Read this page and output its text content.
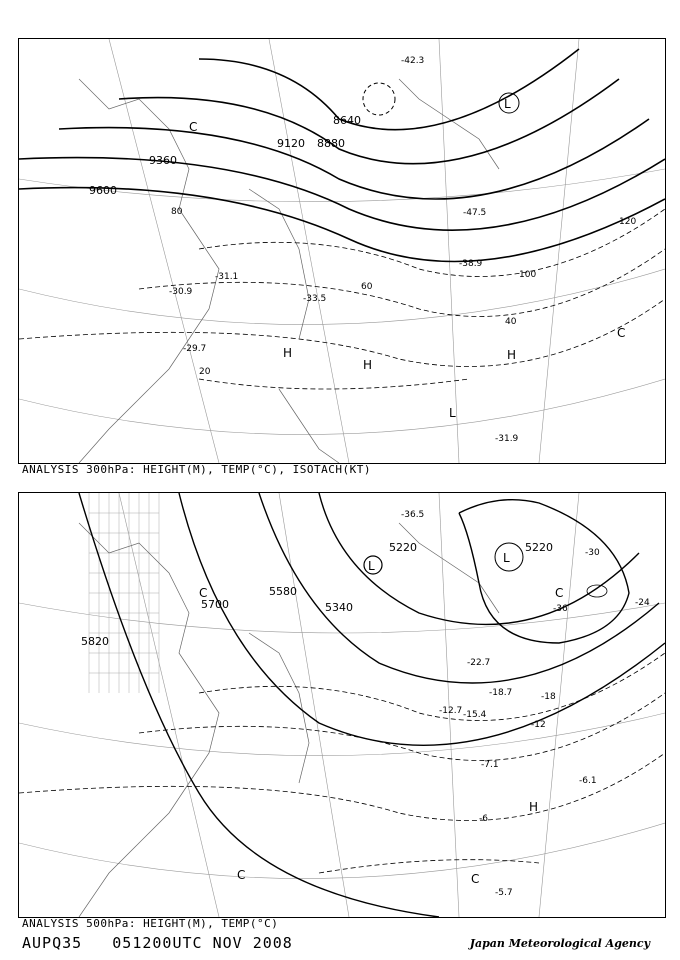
9600
9360
9120 8880
8640
20
40
60
80
100
120
L
H
H
H
L
C
C
-42.3
-47.5
-38.9
-31.1
-30.9
-29.7
-33.5
-31.9
ANALYSIS 300hPa: HEIGHT(M), TEMP(°C), ISOTACH(KT)
5820
5700
5580
5340
5220	5220
-6
-12
-18
-24
-30
-36
L
L
H
C	C
C	C
-36.5
-22.7
-18.7
-15.4
-12.7
-7.1
-5.7
-6.1
ANALYSIS 500hPa: HEIGHT(M), TEMP(°C)
AUPQ35   051200UTC NOV 2008	Japan Meteorological Agency
